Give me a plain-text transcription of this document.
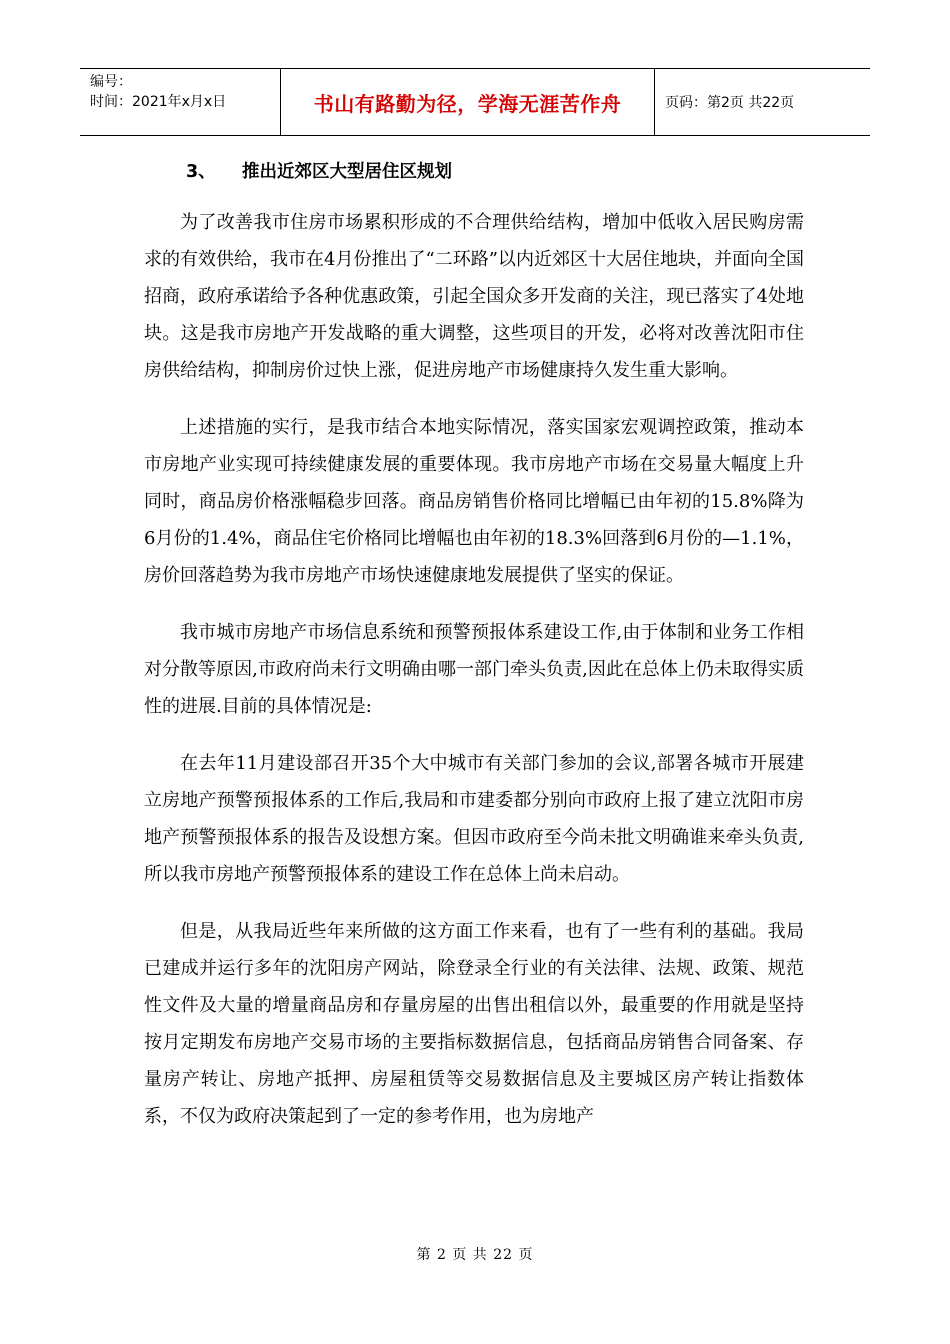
编号：
时间：2021年x月x日	书山有路勤为径，学海无涯苦作舟	页码：第2页 共22页
3、 推出近郊区大型居住区规划

为了改善我市住房市场累积形成的不合理供给结构，增加中低收入居民购房需求的有效供给，我市在4月份推出了“二环路”以内近郊区十大居住地块，并面向全国招商，政府承诺给予各种优惠政策，引起全国众多开发商的关注，现已落实了4处地块。这是我市房地产开发战略的重大调整，这些项目的开发，必将对改善沈阳市住房供给结构，抑制房价过快上涨，促进房地产市场健康持久发生重大影响。

上述措施的实行，是我市结合本地实际情况，落实国家宏观调控政策，推动本市房地产业实现可持续健康发展的重要体现。我市房地产市场在交易量大幅度上升同时，商品房价格涨幅稳步回落。商品房销售价格同比增幅已由年初的15.8%降为6月份的1.4%，商品住宅价格同比增幅也由年初的18.3%回落到6月份的—1.1%，房价回落趋势为我市房地产市场快速健康地发展提供了坚实的保证。

我市城市房地产市场信息系统和预警预报体系建设工作,由于体制和业务工作相对分散等原因,市政府尚未行文明确由哪一部门牵头负责,因此在总体上仍未取得实质性的进展.目前的具体情况是:

在去年11月建设部召开35个大中城市有关部门参加的会议,部署各城市开展建立房地产预警预报体系的工作后,我局和市建委都分别向市政府上报了建立沈阳市房地产预警预报体系的报告及设想方案。但因市政府至今尚未批文明确谁来牵头负责,所以我市房地产预警预报体系的建设工作在总体上尚未启动。

但是，从我局近些年来所做的这方面工作来看，也有了一些有利的基础。我局已建成并运行多年的沈阳房产网站，除登录全行业的有关法律、法规、政策、规范性文件及大量的增量商品房和存量房屋的出售出租信以外，最重要的作用就是坚持按月定期发布房地产交易市场的主要指标数据信息，包括商品房销售合同备案、存量房产转让、房地产抵押、房屋租赁等交易数据信息及主要城区房产转让指数体系，不仅为政府决策起到了一定的参考作用，也为房地产

第 2 页 共 22 页
